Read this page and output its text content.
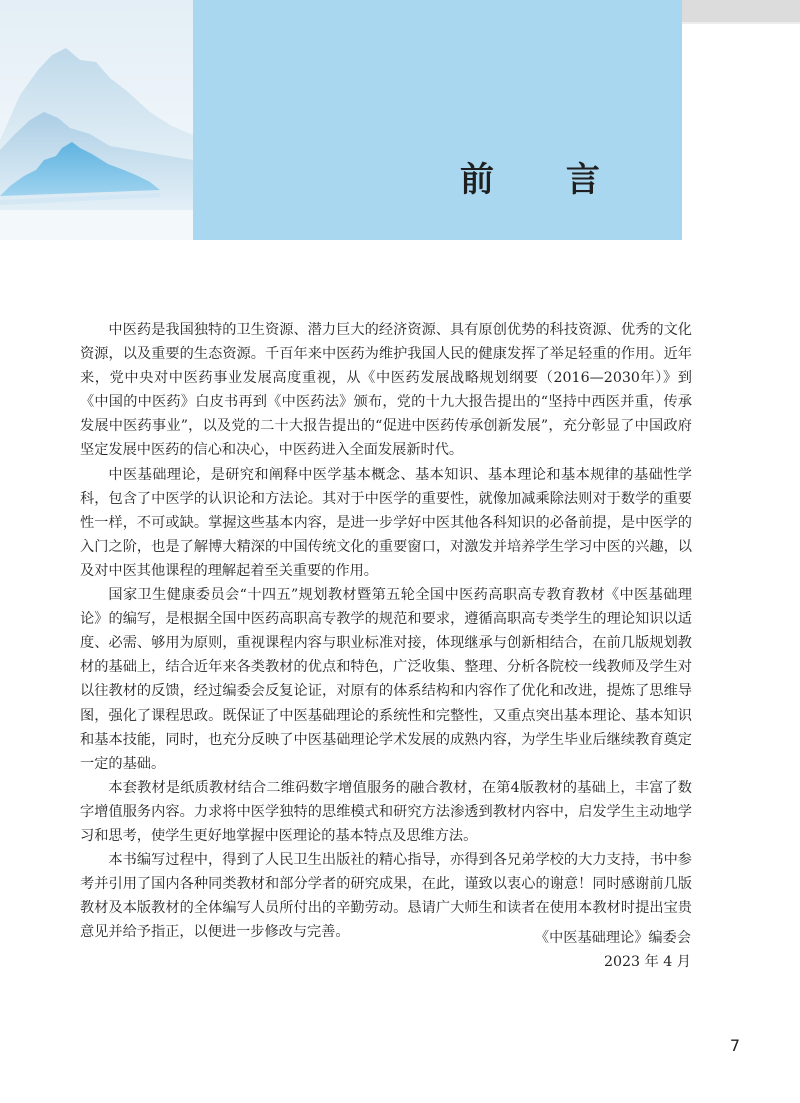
前 言

中医药是我国独特的卫生资源、潜力巨大的经济资源、具有原创优势的科技资源、优秀的文化资源，以及重要的生态资源。千百年来中医药为维护我国人民的健康发挥了举足轻重的作用。近年来，党中央对中医药事业发展高度重视，从《中医药发展战略规划纲要（2016—2030年）》到《中国的中医药》白皮书再到《中医药法》颁布，党的十九大报告提出的“坚持中西医并重，传承发展中医药事业”，以及党的二十大报告提出的“促进中医药传承创新发展”，充分彰显了中国政府坚定发展中医药的信心和决心，中医药进入全面发展新时代。

中医基础理论，是研究和阐释中医学基本概念、基本知识、基本理论和基本规律的基础性学科，包含了中医学的认识论和方法论。其对于中医学的重要性，就像加减乘除法则对于数学的重要性一样，不可或缺。掌握这些基本内容，是进一步学好中医其他各科知识的必备前提，是中医学的入门之阶，也是了解博大精深的中国传统文化的重要窗口，对激发并培养学生学习中医的兴趣，以及对中医其他课程的理解起着至关重要的作用。

国家卫生健康委员会“十四五”规划教材暨第五轮全国中医药高职高专教育教材《中医基础理论》的编写，是根据全国中医药高职高专教学的规范和要求，遵循高职高专类学生的理论知识以适度、必需、够用为原则，重视课程内容与职业标准对接，体现继承与创新相结合，在前几版规划教材的基础上，结合近年来各类教材的优点和特色，广泛收集、整理、分析各院校一线教师及学生对以往教材的反馈，经过编委会反复论证，对原有的体系结构和内容作了优化和改进，提炼了思维导图，强化了课程思政。既保证了中医基础理论的系统性和完整性，又重点突出基本理论、基本知识和基本技能，同时，也充分反映了中医基础理论学术发展的成熟内容，为学生毕业后继续教育奠定一定的基础。

本套教材是纸质教材结合二维码数字增值服务的融合教材，在第4版教材的基础上，丰富了数字增值服务内容。力求将中医学独特的思维模式和研究方法渗透到教材内容中，启发学生主动地学习和思考，使学生更好地掌握中医理论的基本特点及思维方法。

本书编写过程中，得到了人民卫生出版社的精心指导，亦得到各兄弟学校的大力支持，书中参考并引用了国内各种同类教材和部分学者的研究成果，在此，谨致以衷心的谢意！同时感谢前几版教材及本版教材的全体编写人员所付出的辛勤劳动。恳请广大师生和读者在使用本教材时提出宝贵意见并给予指正，以便进一步修改与完善。	《中医基础理论》编委会
2023 年 4 月
7
